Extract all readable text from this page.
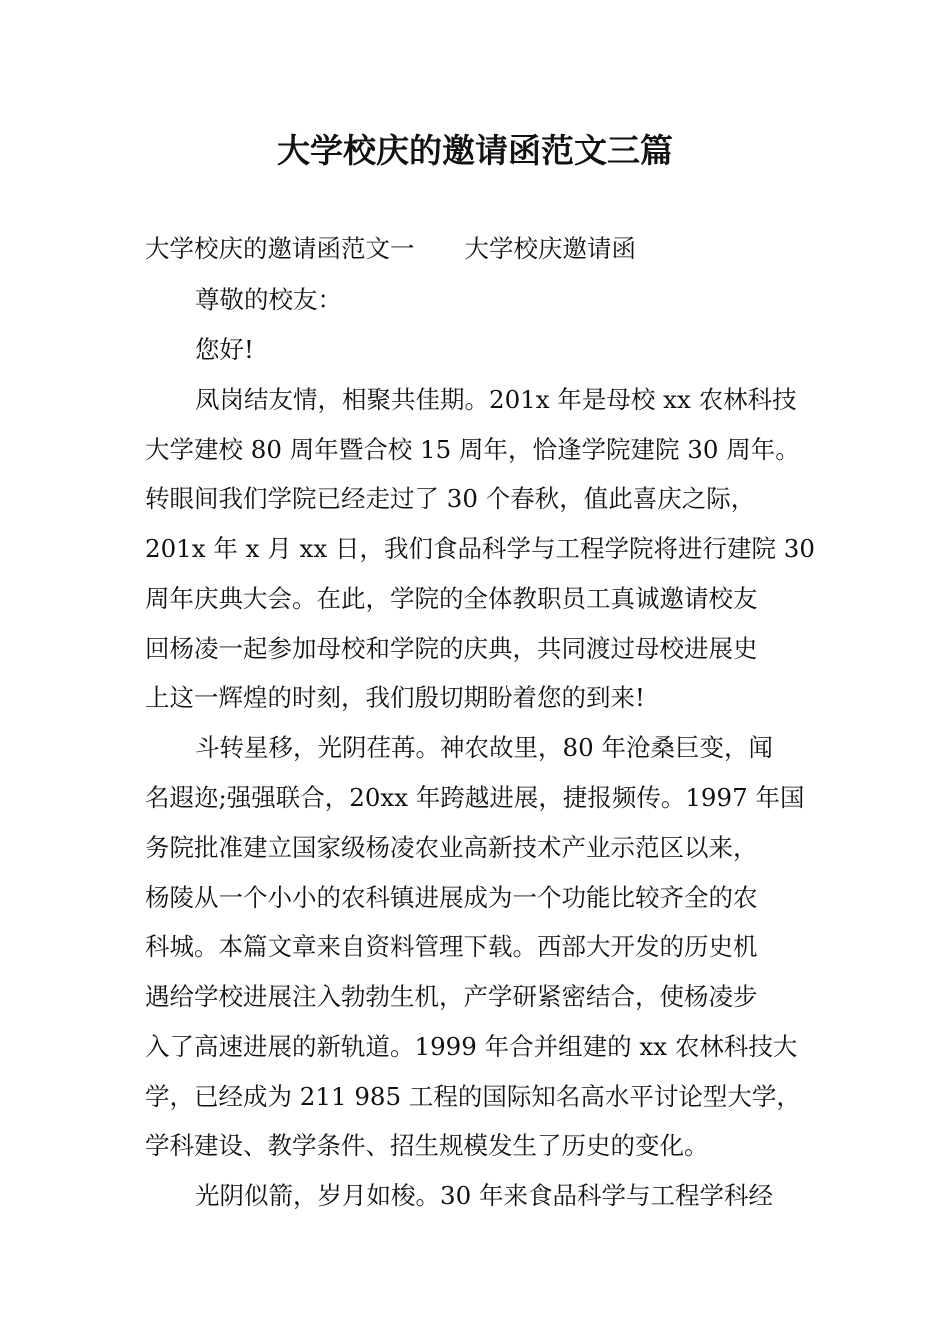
大学校庆的邀请函范文三篇

大学校庆的邀请函范文一 大学校庆邀请函

尊敬的校友：

您好!

凤岗结友情，相聚共佳期。201x 年是母校 xx 农林科技

大学建校 80 周年暨合校 15 周年，恰逢学院建院 30 周年。

转眼间我们学院已经走过了 30 个春秋，值此喜庆之际，

201x 年 x 月 xx 日，我们食品科学与工程学院将进行建院 30

周年庆典大会。在此，学院的全体教职员工真诚邀请校友

回杨凌一起参加母校和学院的庆典，共同渡过母校进展史

上这一辉煌的时刻，我们殷切期盼着您的到来!

斗转星移，光阴荏苒。神农故里，80 年沧桑巨变，闻

名遐迩;强强联合，20xx 年跨越进展，捷报频传。1997 年国

务院批准建立国家级杨凌农业高新技术产业示范区以来，

杨陵从一个小小的农科镇进展成为一个功能比较齐全的农

科城。本篇文章来自资料管理下载。西部大开发的历史机

遇给学校进展注入勃勃生机，产学研紧密结合，使杨凌步

入了高速进展的新轨道。1999 年合并组建的 xx 农林科技大

学，已经成为 211 985 工程的国际知名高水平讨论型大学，

学科建设、教学条件、招生规模发生了历史的变化。

光阴似箭，岁月如梭。30 年来食品科学与工程学科经
